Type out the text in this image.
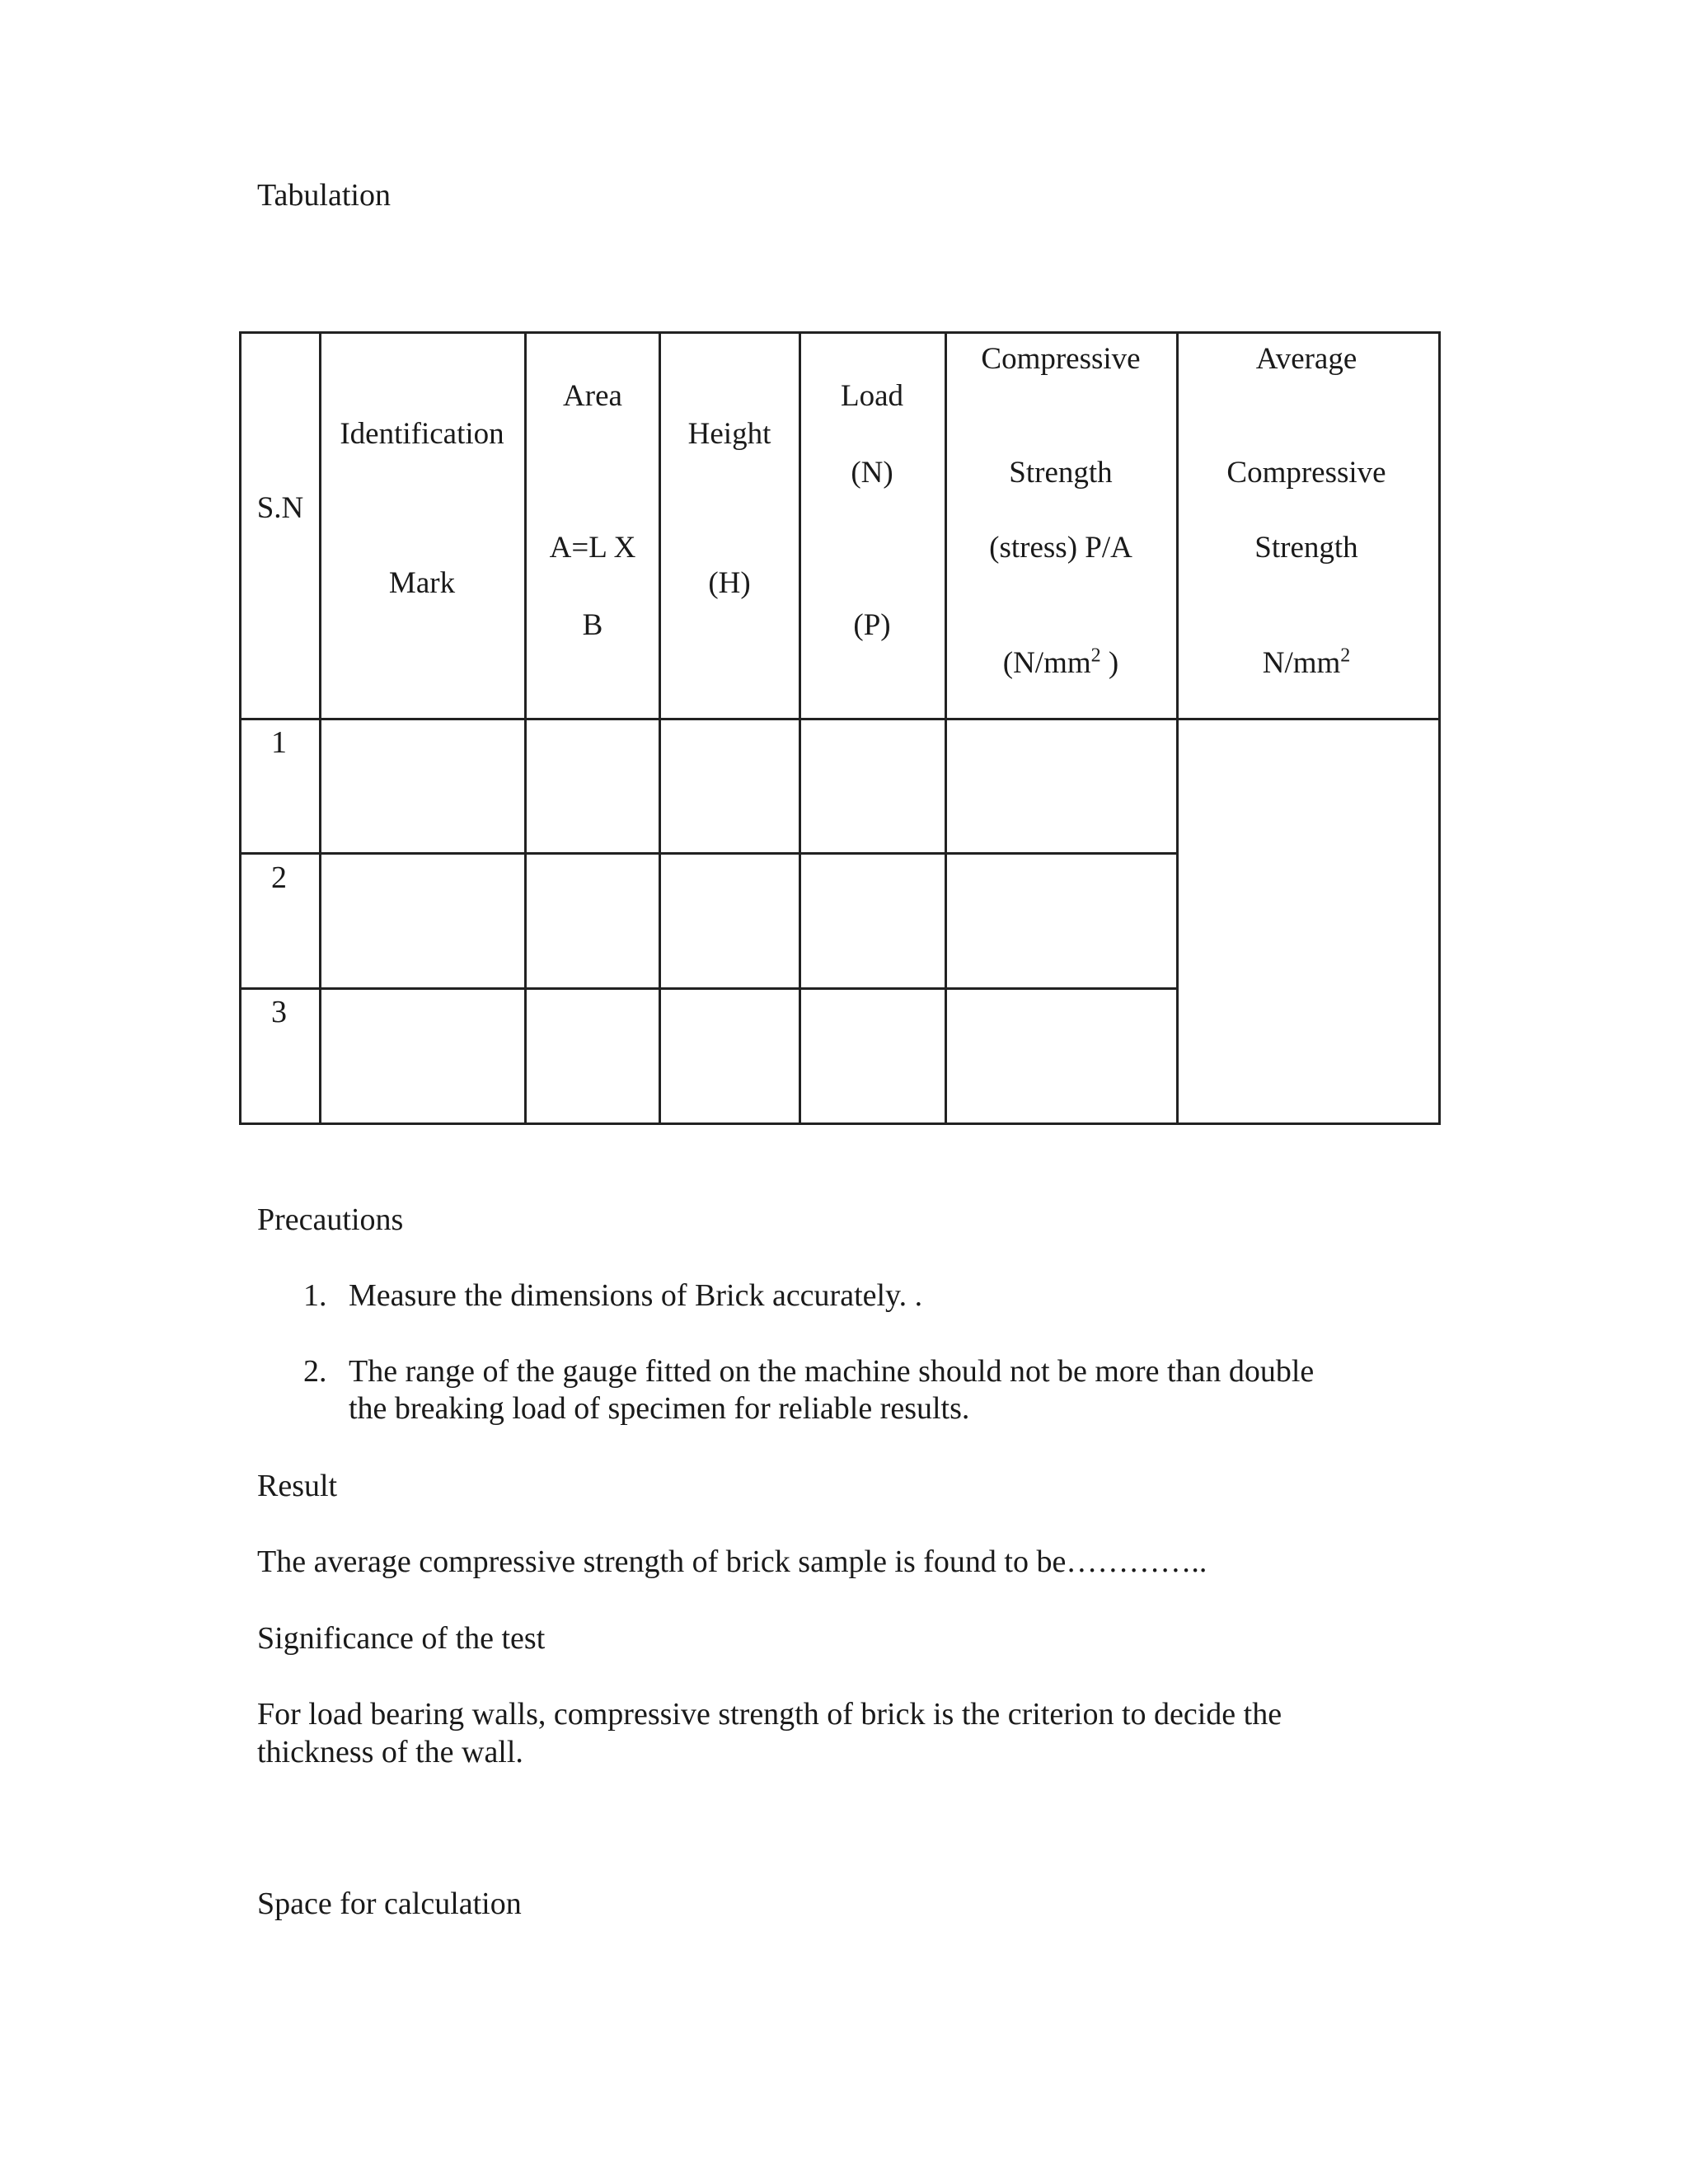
Tabulation
S.N
Identification
Mark
Area
A=L X
B
Height
(H)
Load
(N)
(P)
Compressive
Strength
(stress) P/A
($N/mm^2$ )
Average
Compressive
Strength
$N/mm^2$
1
2
3
Precautions
1. Measure the dimensions of Brick accurately. .
2. The range of the gauge fitted on the machine should not be more than double
the breaking load of specimen for reliable results.
Result
The average compressive strength of brick sample is found to be…………..
Significance of the test
For load bearing walls, compressive strength of brick is the criterion to decide the
thickness of the wall.
Space for calculation
